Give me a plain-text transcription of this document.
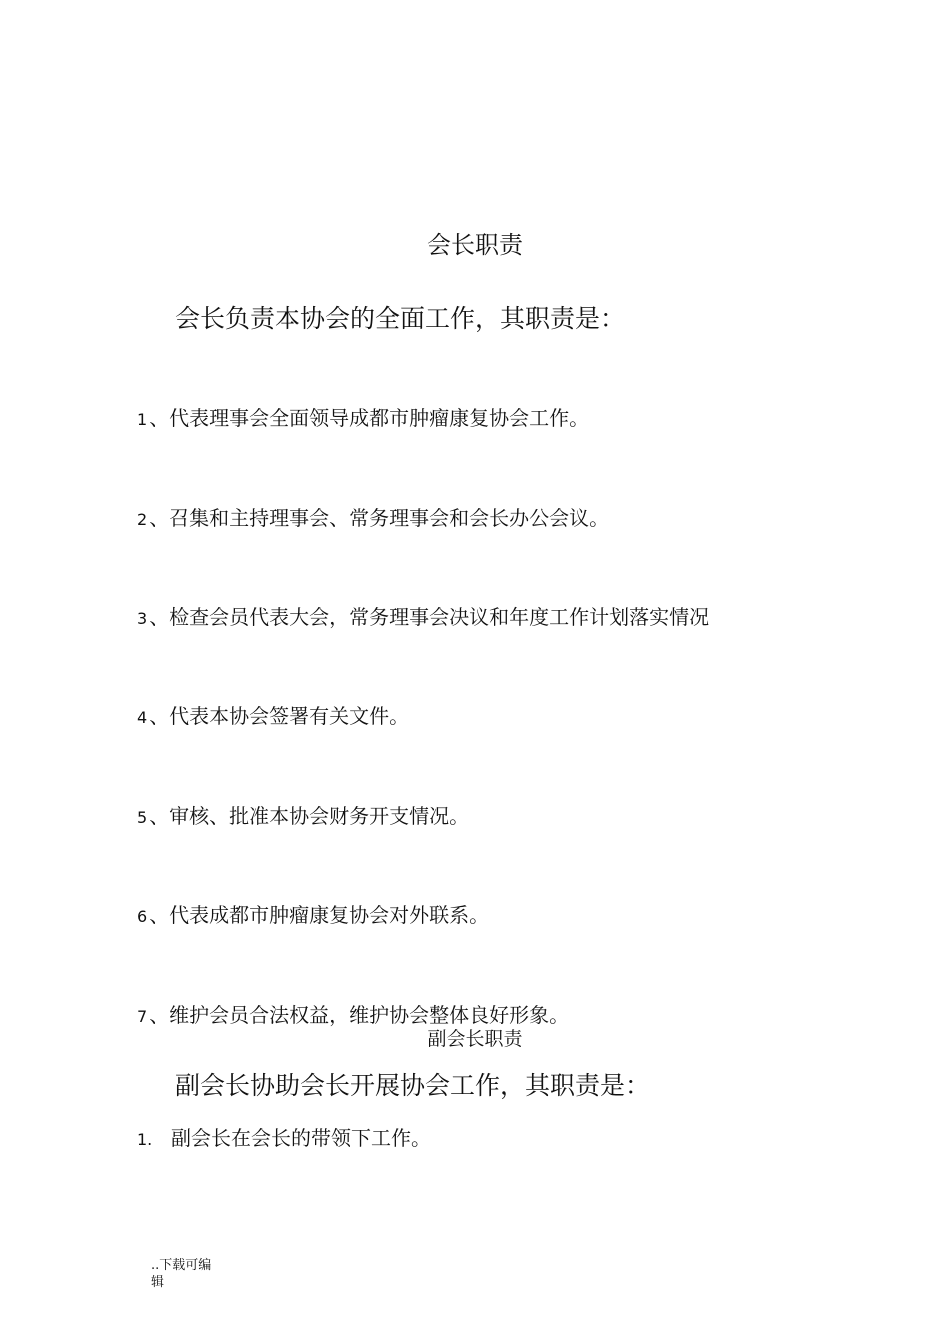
会长职责
会长负责本协会的全面工作，其职责是：
1 、代表理事会全面领导成都市肿瘤康复协会工作。
2 、召集和主持理事会、常务理事会和会长办公会议。
3 、检查会员代表大会，常务理事会决议和年度工作计划落实情况
4 、代表本协会签署有关文件。
5 、审核、批准本协会财务开支情况。
6 、代表成都市肿瘤康复协会对外联系。
7 、维护会员合法权益，维护协会整体良好形象。
副会长职责
副会长协助会长开展协会工作，其职责是：
1. 副会长在会长的带领下工作。
..下载可编辑
